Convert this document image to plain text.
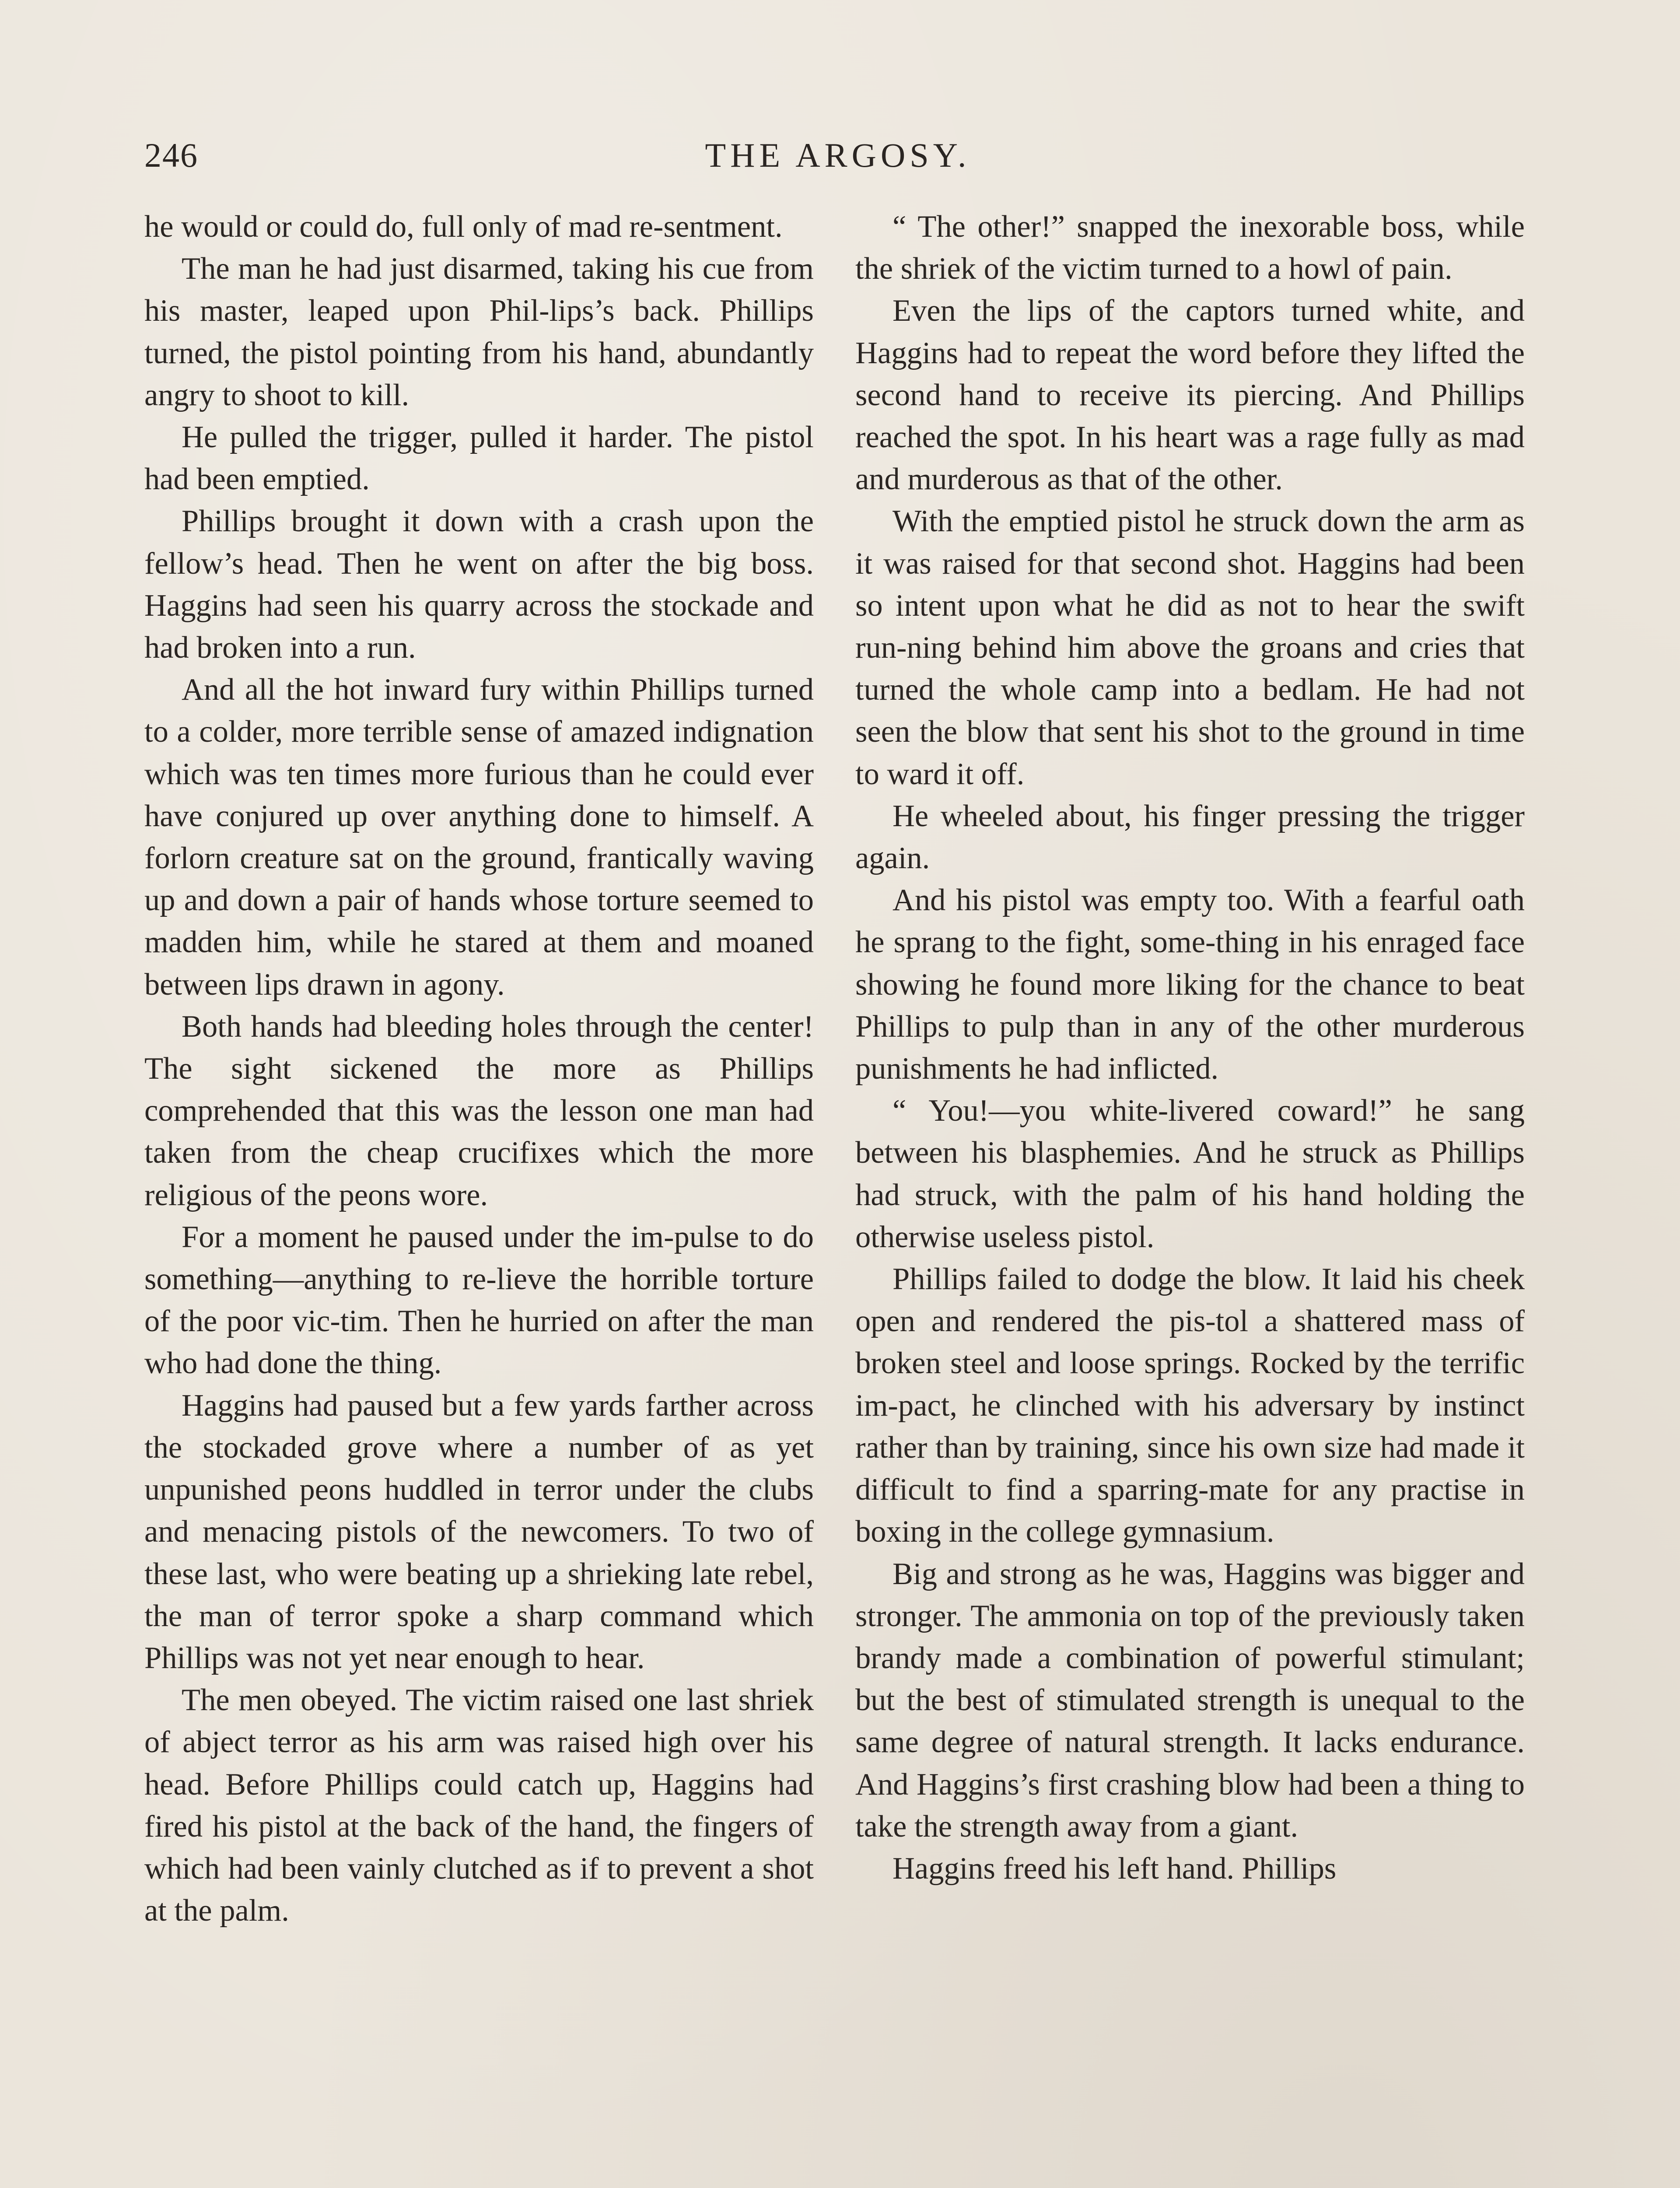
246	THE ARGOSY.

he would or could do, full only of mad re-sentment.

The man he had just disarmed, taking his cue from his master, leaped upon Phil-lips’s back. Phillips turned, the pistol pointing from his hand, abundantly angry to shoot to kill.

He pulled the trigger, pulled it harder. The pistol had been emptied.

Phillips brought it down with a crash upon the fellow’s head. Then he went on after the big boss. Haggins had seen his quarry across the stockade and had broken into a run.

And all the hot inward fury within Phillips turned to a colder, more terrible sense of amazed indignation which was ten times more furious than he could ever have conjured up over anything done to himself. A forlorn creature sat on the ground, frantically waving up and down a pair of hands whose torture seemed to madden him, while he stared at them and moaned between lips drawn in agony.

Both hands had bleeding holes through the center! The sight sickened the more as Phillips comprehended that this was the lesson one man had taken from the cheap crucifixes which the more religious of the peons wore.

For a moment he paused under the im-pulse to do something—anything to re-lieve the horrible torture of the poor vic-tim. Then he hurried on after the man who had done the thing.

Haggins had paused but a few yards farther across the stockaded grove where a number of as yet unpunished peons huddled in terror under the clubs and menacing pistols of the newcomers. To two of these last, who were beating up a shrieking late rebel, the man of terror spoke a sharp command which Phillips was not yet near enough to hear.

The men obeyed. The victim raised one last shriek of abject terror as his arm was raised high over his head. Before Phillips could catch up, Haggins had fired his pistol at the back of the hand, the fingers of which had been vainly clutched as if to prevent a shot at the palm.

“ The other!” snapped the inexorable boss, while the shriek of the victim turned to a howl of pain.

Even the lips of the captors turned white, and Haggins had to repeat the word before they lifted the second hand to receive its piercing. And Phillips reached the spot. In his heart was a rage fully as mad and murderous as that of the other.

With the emptied pistol he struck down the arm as it was raised for that second shot. Haggins had been so intent upon what he did as not to hear the swift run-ning behind him above the groans and cries that turned the whole camp into a bedlam. He had not seen the blow that sent his shot to the ground in time to ward it off.

He wheeled about, his finger pressing the trigger again.

And his pistol was empty too. With a fearful oath he sprang to the fight, some-thing in his enraged face showing he found more liking for the chance to beat Phillips to pulp than in any of the other murderous punishments he had inflicted.

“ You!—you white-livered coward!” he sang between his blasphemies. And he struck as Phillips had struck, with the palm of his hand holding the otherwise useless pistol.

Phillips failed to dodge the blow. It laid his cheek open and rendered the pis-tol a shattered mass of broken steel and loose springs. Rocked by the terrific im-pact, he clinched with his adversary by instinct rather than by training, since his own size had made it difficult to find a sparring-mate for any practise in boxing in the college gymnasium.

Big and strong as he was, Haggins was bigger and stronger. The ammonia on top of the previously taken brandy made a combination of powerful stimulant; but the best of stimulated strength is unequal to the same degree of natural strength. It lacks endurance. And Haggins’s first crashing blow had been a thing to take the strength away from a giant.

Haggins freed his left hand. Phillips
